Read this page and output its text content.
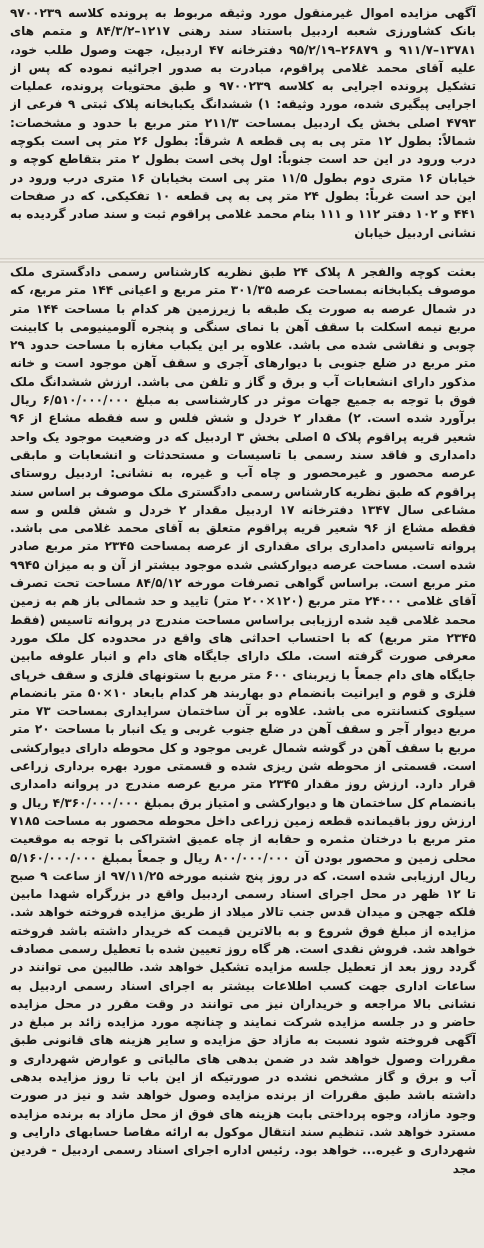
آگهی مزایده اموال غیرمنقول مورد وثیقه مربوط به پرونده کلاسه ۹۷۰۰۲۳۹ بانک کشاورزی شعبه اردبیل باستناد سند رهنی ۱۲۱۷–۸۴/۳/۲ و متمم های ۱۳۷۸۱–۹۱۱/۷ و ۲۶۸۷۹–۹۵/۲/۱۹ دفترخانه ۴۷ اردبیل، جهت وصول طلب خود، علیه آقای محمد غلامی پراقوم، مبادرت به صدور اجرائیه نموده که پس از تشکیل پرونده اجرایی به کلاسه ۹۷۰۰۲۳۹ و طبق محتویات پرونده، عملیات اجرایی پیگیری شده، مورد وثیقه: ۱) ششدانگ یکبابخانه پلاک ثبتی ۹ فرعی از ۴۷۹۳ اصلی بخش یک اردبیل بمساحت ۲۱۱/۳ متر مربع با حدود و مشخصات: شمالاً: بطول ۱۲ متر پی به پی قطعه ۸ شرقاً: بطول ۲۶ متر پی است بکوچه درب ورود در این حد است جنوباً: اول پخی است بطول ۲ متر بتقاطع کوچه و خیابان ۱۶ متری دوم بطول ۱۱/۵ متر پی است بخیابان ۱۶ متری درب ورود در این حد است غرباً: بطول ۲۴ متر پی به پی قطعه ۱۰ تفکیکی. که در صفحات ۴۴۱ و ۱۰۲ دفتر ۱۱۲ و ۱۱۱ بنام محمد غلامی پراقوم ثبت و سند صادر گردیده به نشانی اردبیل خیابان

بعثت کوچه والفجر ۸ پلاک ۲۴ طبق نظریه کارشناس رسمی دادگستری ملک موصوف یکبابخانه بمساحت عرصه ۳۰۱/۳۵ متر مربع و اعیانی ۱۴۴ متر مربع، که در شمال عرصه به صورت یک طبقه با زیرزمین هر کدام با مساحت ۱۴۴ متر مربع نیمه اسکلت با سقف آهن با نمای سنگی و پنجره آلومینیومی با کابینت چوبی و نقاشی شده می باشد. علاوه بر این یکباب مغازه با مساحت حدود ۲۹ متر مربع در ضلع جنوبی با دیوارهای آجری و سقف آهن موجود است و خانه مذکور دارای انشعابات آب و برق و گاز و تلفن می باشد. ارزش ششدانگ ملک فوق با توجه به جمیع جهات موثر در کارشناسی به مبلغ ۶/۵۱۰/۰۰۰/۰۰۰ ریال برآورد شده است. ۲) مقدار ۲ خردل و شش فلس و سه فقطه مشاع از ۹۶ شعیر قریه پراقوم پلاک ۵ اصلی بخش ۳ اردبیل که در وضعیت موجود یک واحد دامداری و فاقد سند رسمی با تاسیسات و مستحدثات و انشعابات و مابقی عرصه محصور و غیرمحصور و چاه آب و غیره، به نشانی: اردبیل روستای پراقوم که طبق نظریه کارشناس رسمی دادگستری ملک موصوف بر اساس سند مشاعی سال ۱۳۴۷ دفترخانه ۱۷ اردبیل مقدار ۲ خردل و شش فلس و سه فقطه مشاع از ۹۶ شعیر قریه پراقوم متعلق به آقای محمد غلامی می باشد. پروانه تاسیس دامداری برای مقداری از عرصه بمساحت ۲۳۴۵ متر مربع صادر شده است. مساحت عرصه دیوارکشی شده موجود بیشتر از آن و به میزان ۹۹۴۵ متر مربع است. براساس گواهی تصرفات مورخه ۸۴/۵/۱۲ مساحت تحت تصرف آقای غلامی ۲۴۰۰۰ متر مربع (۱۲۰×۲۰۰ متر) تایید و حد شمالی باز هم به زمین محمد غلامی قید شده ارزیابی براساس مساحت مندرج در پروانه تاسیس (فقط ۲۳۴۵ متر مربع) که با احتساب احداثی های واقع در محدوده کل ملک مورد معرفی صورت گرفته است. ملک دارای جایگاه های دام و انبار علوفه مابین جایگاه های دام جمعاً با زیربنای ۶۰۰ متر مربع با ستونهای فلزی و سقف خرپای فلزی و قوم و ایرانیت بانضمام دو بهاربند هر کدام بابعاد ۱۰×۵۰ متر بانضمام سیلوی کنسانتره می باشد. علاوه بر آن ساختمان سرایداری بمساحت ۷۳ متر مربع دیوار آجر و سقف آهن در ضلع جنوب غربی و یک انبار با مساحت ۲۰ متر مربع با سقف آهن در گوشه شمال غربی موجود و کل محوطه دارای دیوارکشی است. قسمتی از محوطه شن ریزی شده و قسمتی مورد بهره برداری زراعی قرار دارد. ارزش روز مقدار ۲۳۴۵ متر مربع عرصه مندرج در پروانه دامداری بانضمام کل ساختمان ها و دیوارکشی و امتیاز برق بمبلغ ۴/۳۶۰/۰۰۰/۰۰۰ ریال و ارزش روز باقیمانده قطعه زمین زراعی داخل محوطه محصور به مساحت ۷۱۸۵ متر مربع با درختان مثمره و حقابه از چاه عمیق اشتراکی با توجه به موقعیت محلی زمین و محصور بودن آن ۸۰۰/۰۰۰/۰۰۰ ریال و جمعاً بمبلغ ۵/۱۶۰/۰۰۰/۰۰۰ ریال ارزیابی شده است. که در روز پنج شنبه مورخه ۹۷/۱۱/۲۵ از ساعت ۹ صبح تا ۱۲ ظهر در محل اجرای اسناد رسمی اردبیل واقع در بزرگراه شهدا مابین فلکه جهجن و میدان قدس جنب تالار میلاد از طریق مزایده فروخته خواهد شد. مزایده از مبلغ فوق شروع و به بالاترین قیمت که خریدار داشته باشد فروخته خواهد شد. فروش نقدی است. هر گاه روز تعیین شده با تعطیل رسمی مصادف گردد روز بعد از تعطیل جلسه مزایده تشکیل خواهد شد. طالبین می توانند در ساعات اداری جهت کسب اطلاعات بیشتر به اجرای اسناد رسمی اردبیل به نشانی بالا مراجعه و خریداران نیز می توانند در وقت مقرر در محل مزایده حاضر و در جلسه مزایده شرکت نمایند و چنانچه مورد مزایده زائد بر مبلغ در آگهی فروخته شود نسبت به مازاد حق مزایده و سایر هزینه های قانونی طبق مقررات وصول خواهد شد در ضمن بدهی های مالیاتی و عوارض شهرداری و آب و برق و گاز مشخص نشده در صورتیکه از این باب تا روز مزایده بدهی داشته باشد طبق مقررات از برنده مزایده وصول خواهد شد و نیز در صورت وجود مازاد، وجوه پرداختی بابت هزینه های فوق از محل مازاد به برنده مزایده مسترد خواهد شد. تنظیم سند انتقال موکول به ارائه مفاصا حسابهای دارایی و شهرداری و غیره... خواهد بود. رئیس اداره اجرای اسناد رسمی اردبیل - فردین مجد
